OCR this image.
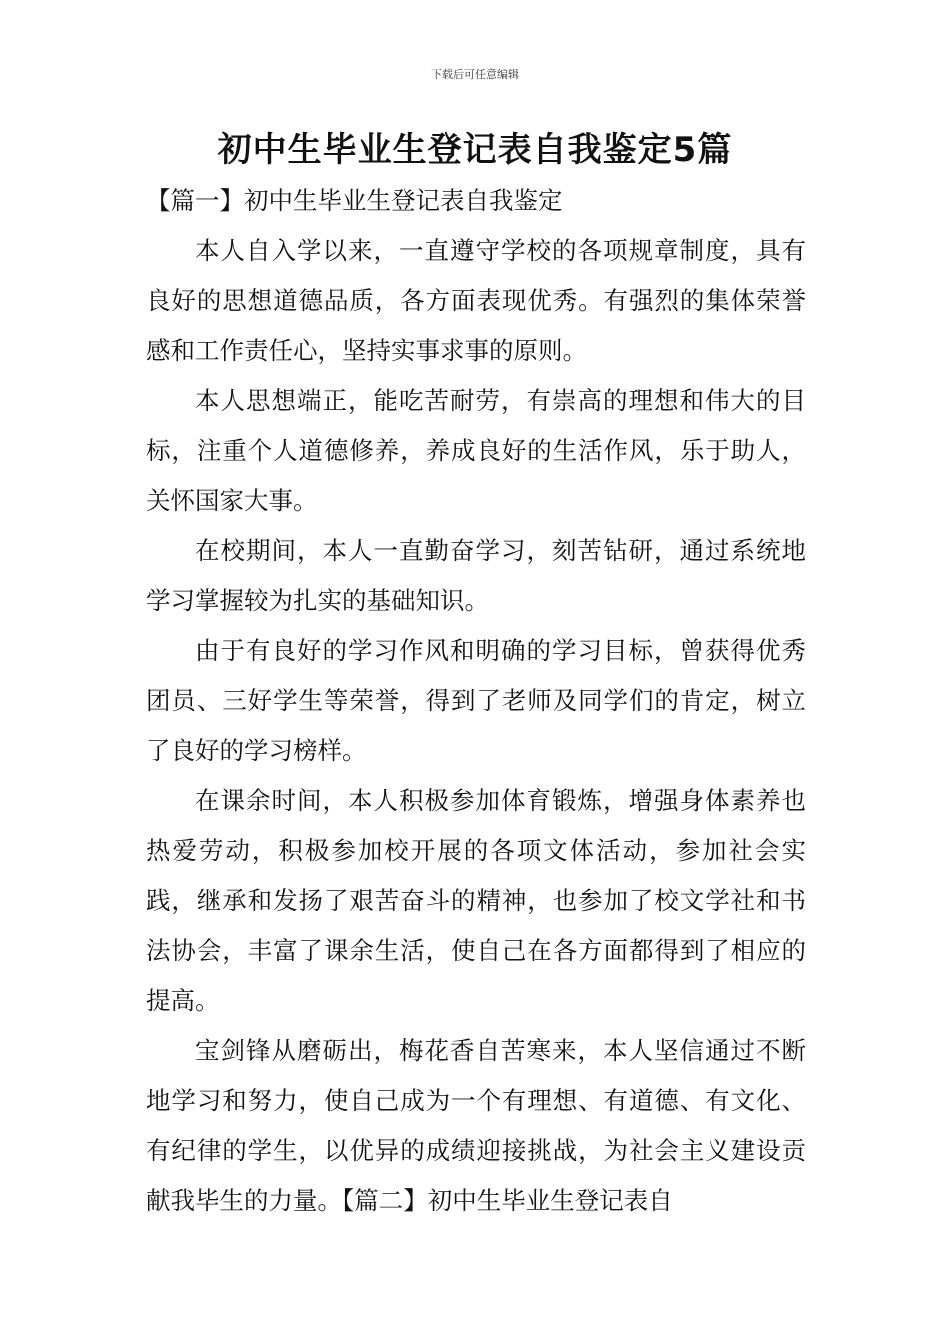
下载后可任意编辑
初中生毕业生登记表自我鉴定5篇

【篇一】初中生毕业生登记表自我鉴定

本人自入学以来，一直遵守学校的各项规章制度，具有良好的思想道德品质，各方面表现优秀。有强烈的集体荣誉感和工作责任心，坚持实事求事的原则。

本人思想端正，能吃苦耐劳，有崇高的理想和伟大的目标，注重个人道德修养，养成良好的生活作风，乐于助人，关怀国家大事。

在校期间，本人一直勤奋学习，刻苦钻研，通过系统地学习掌握较为扎实的基础知识。

由于有良好的学习作风和明确的学习目标，曾获得优秀团员、三好学生等荣誉，得到了老师及同学们的肯定，树立了良好的学习榜样。

在课余时间，本人积极参加体育锻炼，增强身体素养也热爱劳动，积极参加校开展的各项文体活动，参加社会实践，继承和发扬了艰苦奋斗的精神，也参加了校文学社和书法协会，丰富了课余生活，使自己在各方面都得到了相应的提高。

宝剑锋从磨砺出，梅花香自苦寒来，本人坚信通过不断地学习和努力，使自己成为一个有理想、有道德、有文化、有纪律的学生，以优异的成绩迎接挑战，为社会主义建设贡献我毕生的力量。【篇二】初中生毕业生登记表自
